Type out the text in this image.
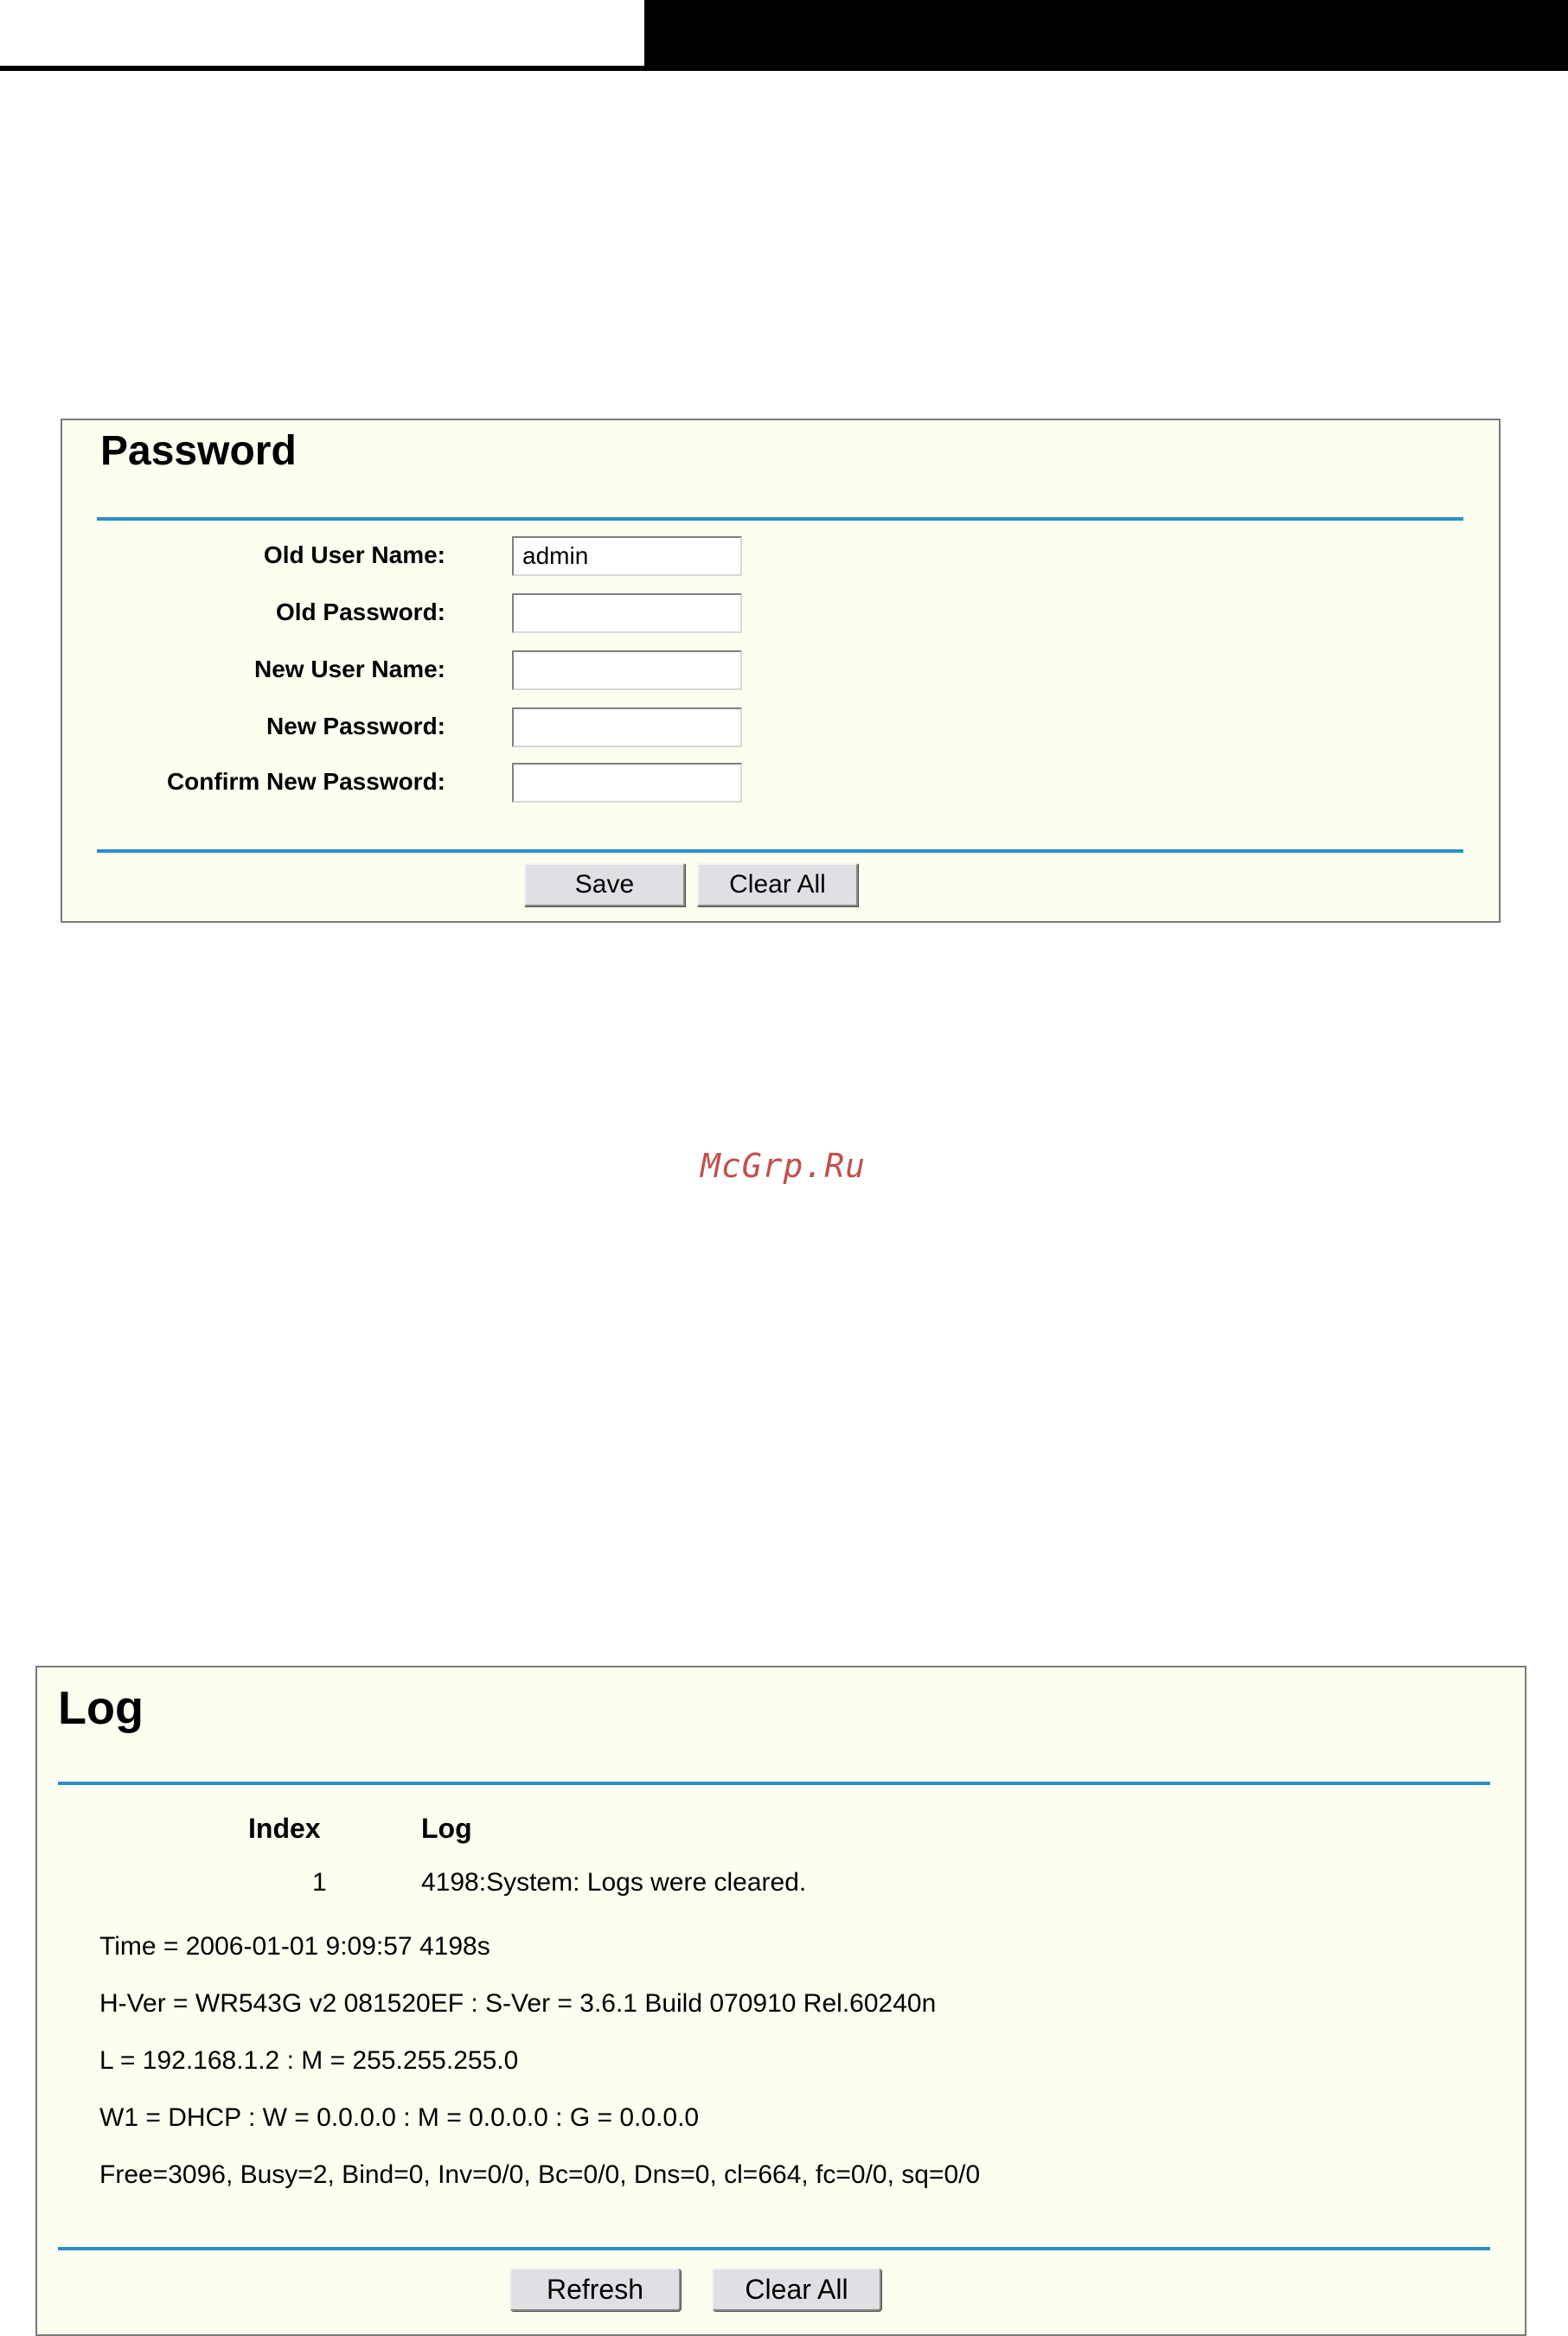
Password
Old User Name:
admin
Old Password:
New User Name:
New Password:
Confirm New Password:
Save	Clear All
McGrp.Ru
Log
Index	Log
1	4198:System: Logs were cleared.
Time = 2006-01-01 9:09:57 4198s
H-Ver = WR543G v2 081520EF : S-Ver = 3.6.1 Build 070910 Rel.60240n
L = 192.168.1.2 : M = 255.255.255.0
W1 = DHCP : W = 0.0.0.0 : M = 0.0.0.0 : G = 0.0.0.0
Free=3096, Busy=2, Bind=0, Inv=0/0, Bc=0/0, Dns=0, cl=664, fc=0/0, sq=0/0
Refresh	Clear All
